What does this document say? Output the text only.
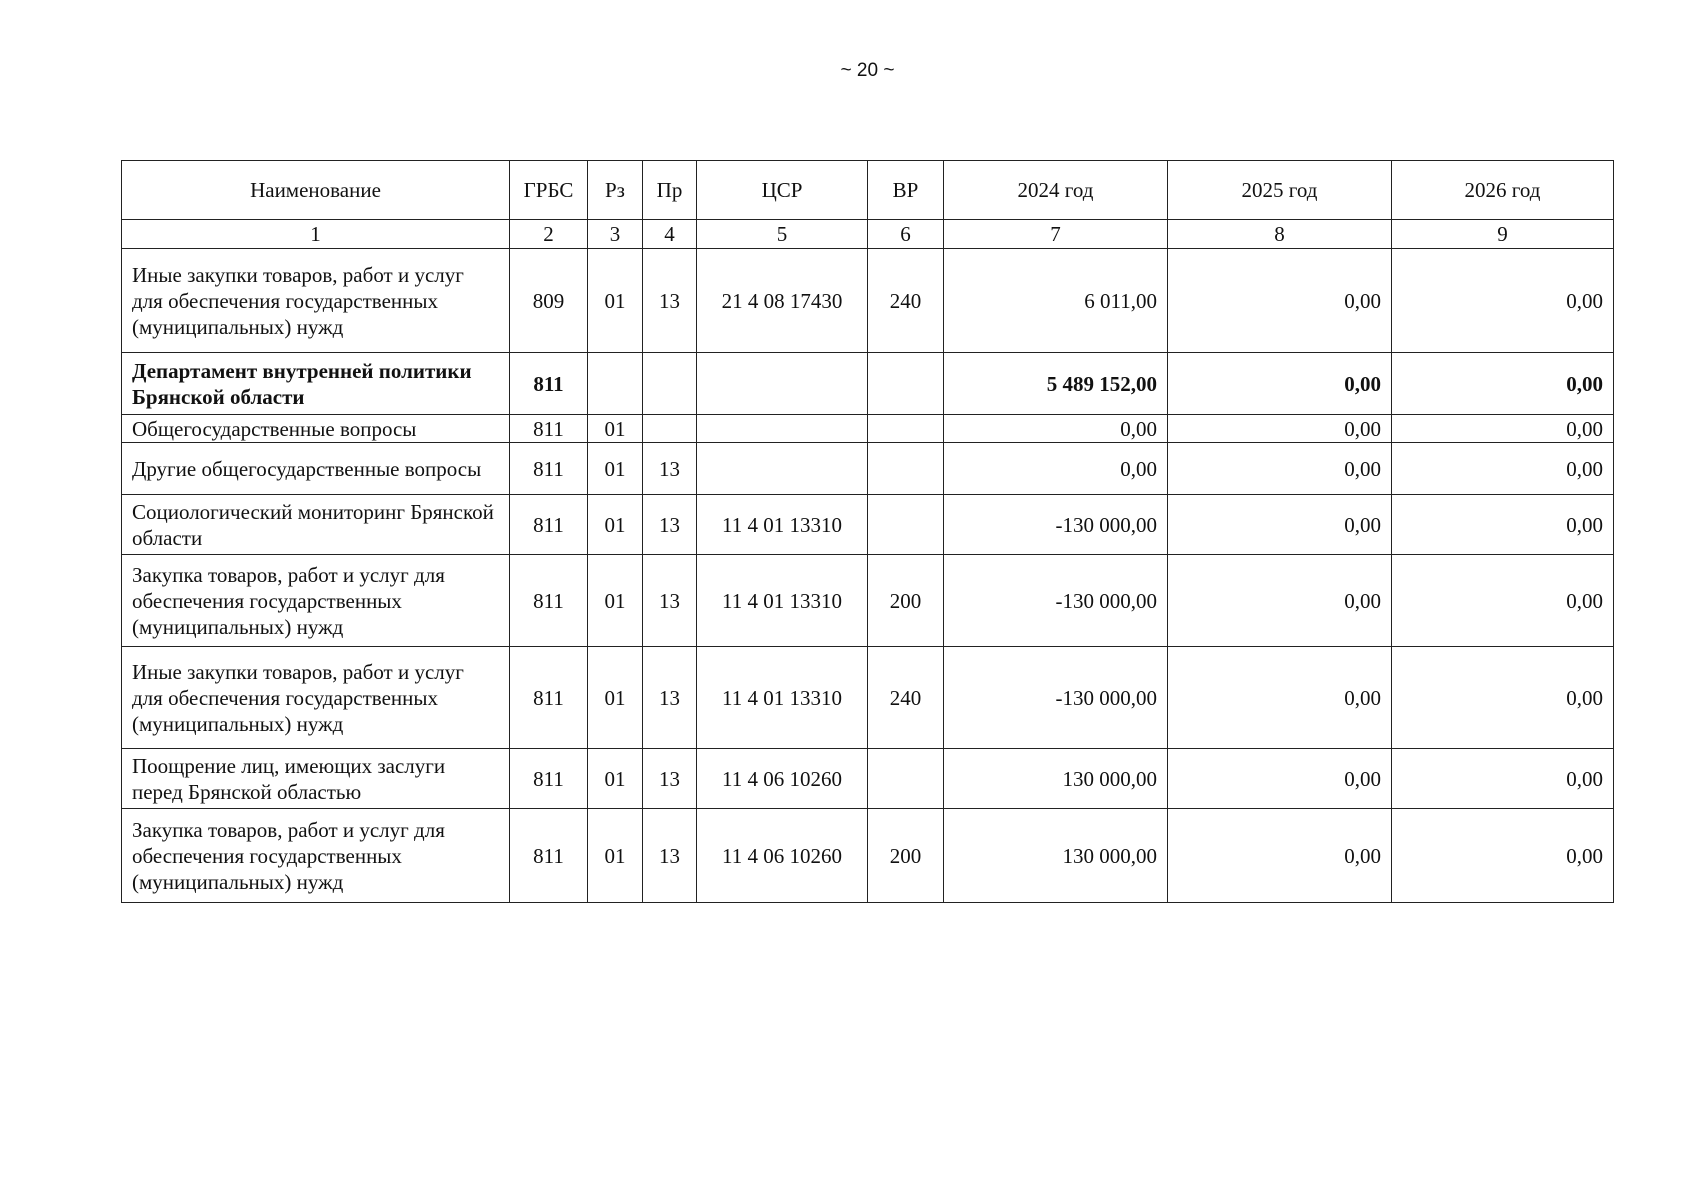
~ 20 ~
Наименование	ГРБС	Рз	Пр	ЦСР	ВР	2024 год	2025 год	2026 год
1	2	3	4	5	6	7	8	9
Иные закупки товаров, работ и услуг для обеспечения государственных (муниципальных) нужд	809	01	13	21 4 08 17430	240	6 011,00	0,00	0,00
Департамент внутренней политики Брянской области	811					5 489 152,00	0,00	0,00
Общегосударственные вопросы	811	01				0,00	0,00	0,00
Другие общегосударственные вопросы	811	01	13			0,00	0,00	0,00
Социологический мониторинг Брянской области	811	01	13	11 4 01 13310		-130 000,00	0,00	0,00
Закупка товаров, работ и услуг для обеспечения государственных (муниципальных) нужд	811	01	13	11 4 01 13310	200	-130 000,00	0,00	0,00
Иные закупки товаров, работ и услуг для обеспечения государственных (муниципальных) нужд	811	01	13	11 4 01 13310	240	-130 000,00	0,00	0,00
Поощрение лиц, имеющих заслуги перед Брянской областью	811	01	13	11 4 06 10260		130 000,00	0,00	0,00
Закупка товаров, работ и услуг для обеспечения государственных (муниципальных) нужд	811	01	13	11 4 06 10260	200	130 000,00	0,00	0,00
